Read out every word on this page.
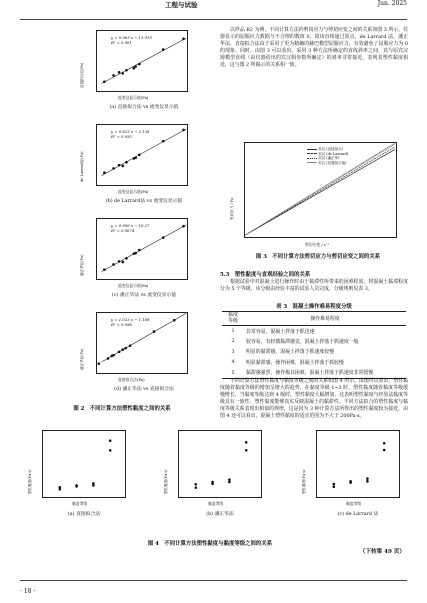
工程与试验	Jun. 2025
y = 0.963 x − 13.919
R² = 0.961
直接拟合法(Pa)
流变仪显示值(Pa)
(a) 直接拟合法 vs 流变仪显示值
y = 0.823 x − 2.138
R² = 0.950
de Larrard法(Pa)
流变仪显示值(Pa)
(b) de Larrard法 vs 流变仪显示值
y = 0.996 x − 16.27
R² = 0.9674
潘正华法(Pa)
流变仪显示值(Pa)
(c) 潘正华法 vs 流变仪显示值
y = 1.023 x − 1.168
R² = 0.998
潘正华法(Pa)
直接拟合法(Pa)
(d) 潘正华法 vs 直接拟合法
图 2　不同计算方法塑性黏度之间的关系
以样品 B2 为例，不同计算方法的剪切应力与剪切应变之间的关系如图 3 所示。仪器显示的屈服应力数据与不合理的数值 0，故该直线通过原点，de Larrard 法、潘正华法、直接拟合法由于采用了更为精确的赫巴模型屈服应力，有效避免了屈服应力为 0 的现象。同时，由图 3 可以看出，采用 3 种方法所确定的直线斜率之间，其与原宾汉姆模型直线（由仪器给出的宾汉姆参数所确定）的斜率非常接近，表明其塑性黏度相近，这与图 2 所揭示的关系相一致。
宾汉 (直接拟合)
宾汉 (de Larrard)
宾汉 (潘正华)
宾汉 (仪器显示值)
剪切应力 / Pa
剪切应变 / s⁻¹
图 3　不同计算方法剪切应力与剪切应变之间的关系
5.3　塑性黏度与直观经验之间的关系
根据试验中对混凝土进行操作时由于黏滞性所带来的困难程度，将混凝土黏滞程度分为 5 个等级，该分级由经验丰富的试验人员完成，分级规则见表 3。
表 3　混凝土操作难易程度分级
黏度
等级	操作难易程度
1	非常容易，混凝土拌落于抓迅速
2	较容易，有轻微黏滞感觉，混凝土拌落于抓速度一般
3	明显的黏滞感，混凝土拌落于抓速度较慢
4	明显黏滞感，操作困难，混凝土拌落于抓较慢
5	黏滞感强烈，操作极其困难，混凝土拌落于抓速度非常缓慢
不同计算方法塑性黏度与黏度等级之间的关系如图 4 所示。由图可以看出，塑性黏度随着黏度等级的增加呈增大的趋势，在黏度等级 1~3 时，塑性黏度随着黏度等级缓慢增长，当黏度等级达到 4 级时，塑性黏度大幅增加，这表明塑性黏度与经验法黏度等级具有一致性，塑性黏度能够真实反映混凝土的黏滞性。不同方法拟合的塑性黏度与黏度等级关系表现出相似的规律，这是因为 3 种计算方法所得出的塑性黏度较为接近。由图 4 还可以看出，混凝土塑性黏度的适宜范围为不大于 200Pa·s。
塑性黏度(Pa·s)
黏度等级
(a) 直接拟合法
塑性黏度(Pa·s)
黏度等级
(b) 潘正华法
塑性黏度(Pa·s)
黏度等级
(c) de Larrard 法
图 4　不同计算方法塑性黏度与黏度等级之间的关系
（下转第 49 页）
· 18 ·
